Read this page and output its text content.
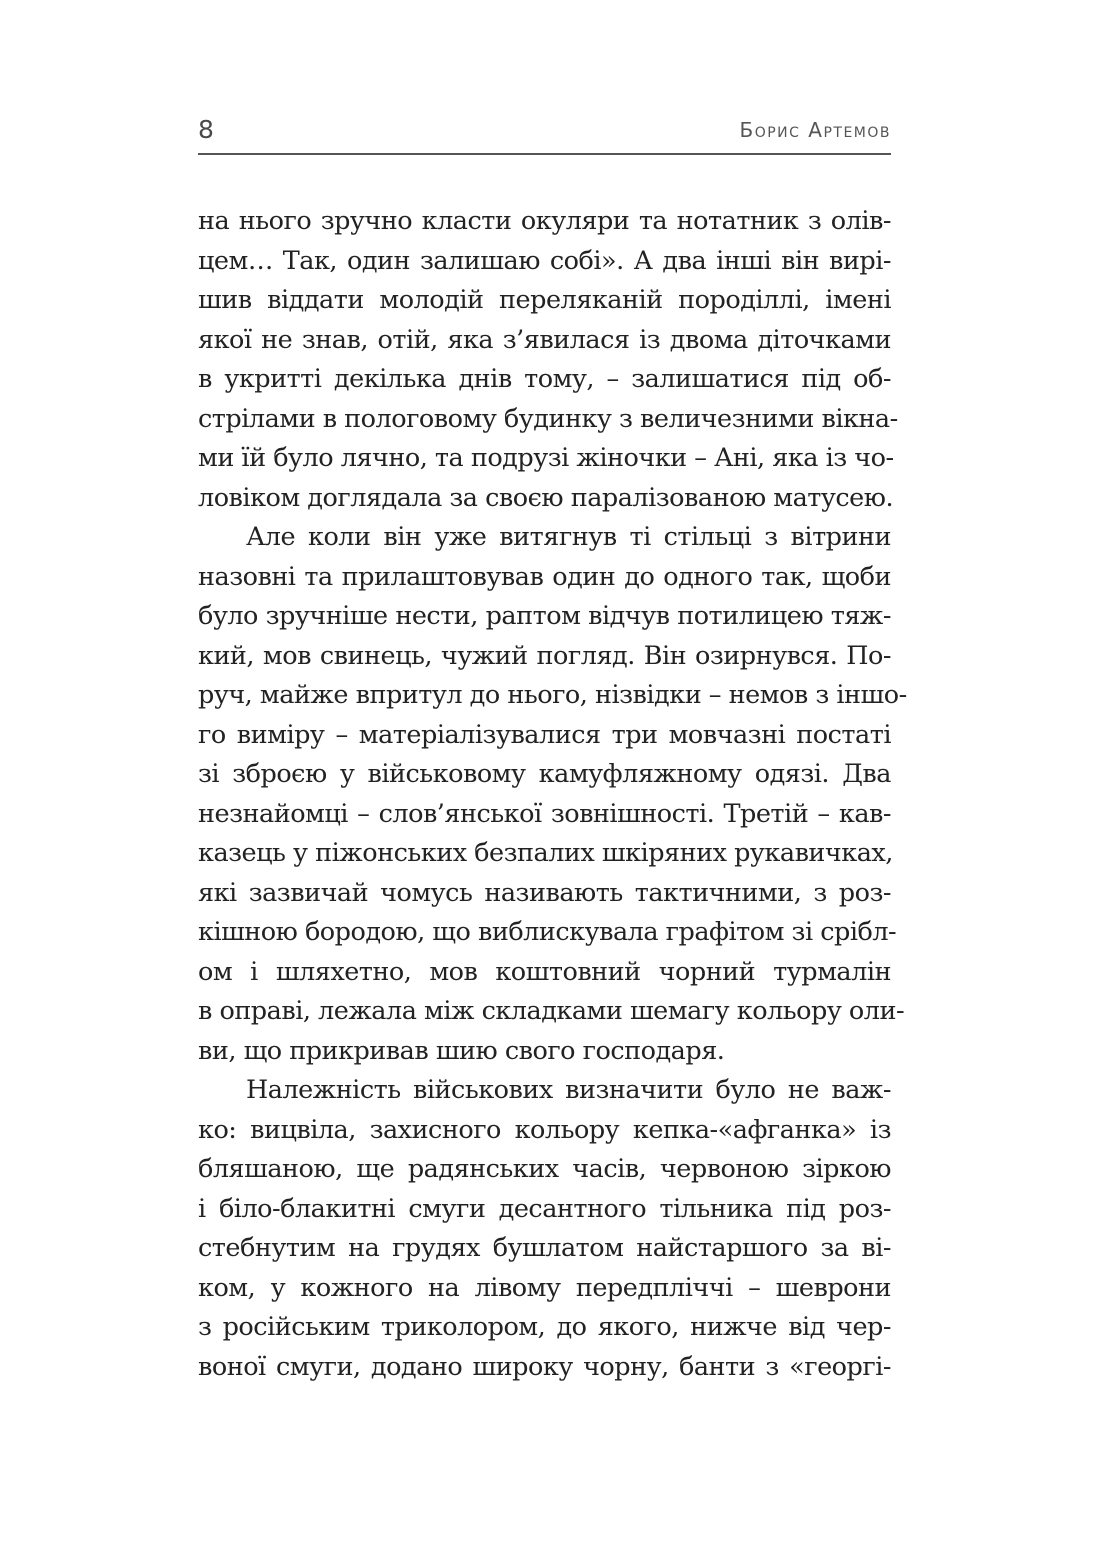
8	Борис Артемов
на нього зручно класти окуляри та нотатник з олів-
цем… Так, один залишаю собі». А два інші він вирі-
шив віддати молодій переляканій породіллі, імені
якої не знав, отій, яка з’явилася із двома діточками
в укритті декілька днів тому, – залишатися під об-
стрілами в пологовому будинку з величезними вікна-
ми їй було лячно, та подрузі жіночки – Ані, яка із чо-
ловіком доглядала за своєю паралізованою матусею.
Але коли він уже витягнув ті стільці з вітрини
назовні та прилаштовував один до одного так, щоби
було зручніше нести, раптом відчув потилицею тяж-
кий, мов свинець, чужий погляд. Він озирнувся. По-
руч, майже впритул до нього, нізвідки – немов з іншо-
го виміру – матеріалізувалися три мовчазні постаті
зі зброєю у військовому камуфляжному одязі. Два
незнайомці – слов’янської зовнішності. Третій – кав-
казець у піжонських безпалих шкіряних рукавичках,
які зазвичай чомусь називають тактичними, з роз-
кішною бородою, що виблискувала графітом зі срібл-
ом і шляхетно, мов коштовний чорний турмалін
в оправі, лежала між складками шемагу кольору оли-
ви, що прикривав шию свого господаря.
Належність військових визначити було не важ-
ко: вицвіла, захисного кольору кепка-«афганка» із
бляшаною, ще радянських часів, червоною зіркою
і біло-блакитні смуги десантного тільника під роз-
стебнутим на грудях бушлатом найстаршого за ві-
ком, у кожного на лівому передпліччі – шеврони
з російським триколором, до якого, нижче від чер-
воної смуги, додано широку чорну, банти з «георгі-
